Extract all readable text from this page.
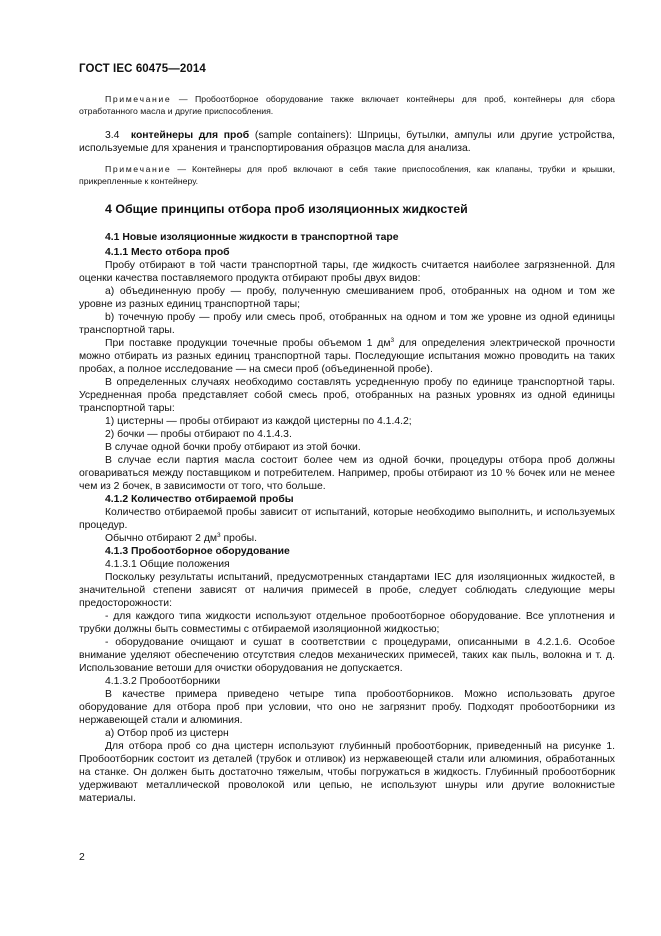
ГОСТ IEC 60475—2014

Примечание — Пробоотборное оборудование также включает контейнеры для проб, контейнеры для сбора отработанного масла и другие приспособления.

3.4 контейнеры для проб (sample containers): Шприцы, бутылки, ампулы или другие устройства, используемые для хранения и транспортирования образцов масла для анализа.

Примечание — Контейнеры для проб включают в себя такие приспособления, как клапаны, трубки и крышки, прикрепленные к контейнеру.

4 Общие принципы отбора проб изоляционных жидкостей
4.1 Новые изоляционные жидкости в транспортной таре
4.1.1 Место отбора проб

Пробу отбирают в той части транспортной тары, где жидкость считается наиболее загрязненной. Для оценки качества поставляемого продукта отбирают пробы двух видов:

a) объединенную пробу — пробу, полученную смешиванием проб, отобранных на одном и том же уровне из разных единиц транспортной тары;

b) точечную пробу — пробу или смесь проб, отобранных на одном и том же уровне из одной единицы транспортной тары.

При поставке продукции точечные пробы объемом 1 $дм^3$ для определения электрической прочности можно отбирать из разных единиц транспортной тары. Последующие испытания можно проводить на таких пробах, а полное исследование — на смеси проб (объединенной пробе).

В определенных случаях необходимо составлять усредненную пробу по единице транспортной тары. Усредненная проба представляет собой смесь проб, отобранных на разных уровнях из одной единицы транспортной тары:

1) цистерны — пробы отбирают из каждой цистерны по 4.1.4.2;

2) бочки — пробы отбирают по 4.1.4.3.

В случае одной бочки пробу отбирают из этой бочки.

В случае если партия масла состоит более чем из одной бочки, процедуры отбора проб должны оговариваться между поставщиком и потребителем. Например, пробы отбирают из 10 % бочек или не менее чем из 2 бочек, в зависимости от того, что больше.

4.1.2 Количество отбираемой пробы

Количество отбираемой пробы зависит от испытаний, которые необходимо выполнить, и используемых процедур.

Обычно отбирают 2 $дм^3$ пробы.

4.1.3 Пробоотборное оборудование

4.1.3.1 Общие положения

Поскольку результаты испытаний, предусмотренных стандартами IEC для изоляционных жидкостей, в значительной степени зависят от наличия примесей в пробе, следует соблюдать следующие меры предосторожности:

- для каждого типа жидкости используют отдельное пробоотборное оборудование. Все уплотнения и трубки должны быть совместимы с отбираемой изоляционной жидкостью;

- оборудование очищают и сушат в соответствии с процедурами, описанными в 4.2.1.6. Особое внимание уделяют обеспечению отсутствия следов механических примесей, таких как пыль, волокна и т. д. Использование ветоши для очистки оборудования не допускается.

4.1.3.2 Пробоотборники

В качестве примера приведено четыре типа пробоотборников. Можно использовать другое оборудование для отбора проб при условии, что оно не загрязнит пробу. Подходят пробоотборники из нержавеющей стали и алюминия.

a) Отбор проб из цистерн

Для отбора проб со дна цистерн используют глубинный пробоотборник, приведенный на рисунке 1. Пробоотборник состоит из деталей (трубок и отливок) из нержавеющей стали или алюминия, обработанных на станке. Он должен быть достаточно тяжелым, чтобы погружаться в жидкость. Глубинный пробоотборник удерживают металлической проволокой или цепью, не используют шнуры или другие волокнистые материалы.

2
